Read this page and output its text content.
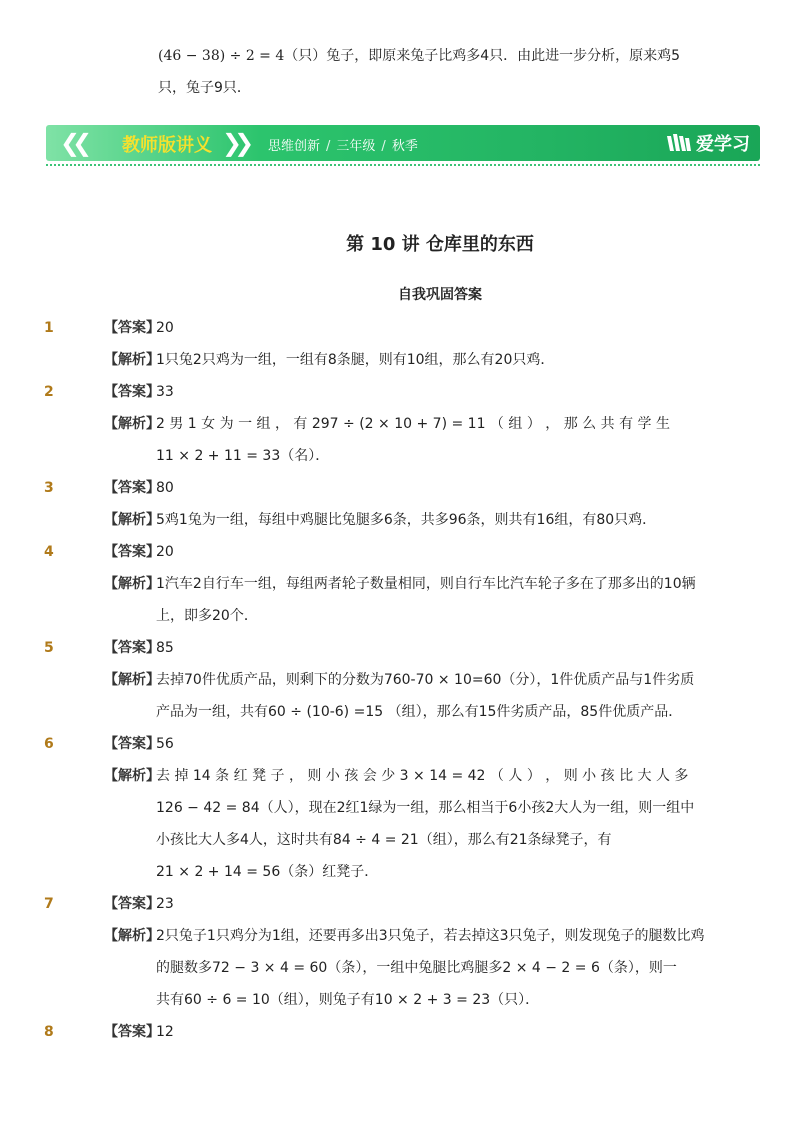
(46 − 38) ÷ 2 = 4（只）兔子，即原来兔子比鸡多4只．由此进一步分析，原来鸡5
只，兔子9只．
❮❮ 教师版讲义 ❯❯ 思维创新 / 三年级 / 秋季	爱学习
第 10 讲 仓库里的东西
自我巩固答案
1	【答案】
20
【解析】
1只兔2只鸡为一组，一组有8条腿，则有10组，那么有20只鸡．
2	【答案】
33
【解析】
2 男 1 女 为 一 组 ， 有 297 ÷ (2 × 10 + 7) = 11 （ 组 ） ， 那 么 共 有 学 生
11 × 2 + 11 = 33（名）．
3	【答案】
80
【解析】
5鸡1兔为一组，每组中鸡腿比兔腿多6条，共多96条，则共有16组，有80只鸡．
4	【答案】
20
【解析】
1汽车2自行车一组，每组两者轮子数量相同，则自行车比汽车轮子多在了那多出的10辆
上，即多20个．
5	【答案】
85
【解析】
去掉70件优质产品，则剩下的分数为760-70 × 10=60（分），1件优质产品与1件劣质
产品为一组，共有60 ÷ (10-6) =15 （组），那么有15件劣质产品，85件优质产品．
6	【答案】
56
【解析】
去 掉 14 条 红 凳 子 ， 则 小 孩 会 少 3 × 14 = 42 （ 人 ） ， 则 小 孩 比 大 人 多
126 − 42 = 84（人），现在2红1绿为一组，那么相当于6小孩2大人为一组，则一组中
小孩比大人多4人，这时共有84 ÷ 4 = 21（组），那么有21条绿凳子，有
21 × 2 + 14 = 56（条）红凳子．
7	【答案】
23
【解析】
2只兔子1只鸡分为1组，还要再多出3只兔子，若去掉这3只兔子，则发现兔子的腿数比鸡
的腿数多72 − 3 × 4 = 60（条），一组中兔腿比鸡腿多2 × 4 − 2 = 6（条），则一
共有60 ÷ 6 = 10（组），则兔子有10 × 2 + 3 = 23（只）．
8	【答案】
12
